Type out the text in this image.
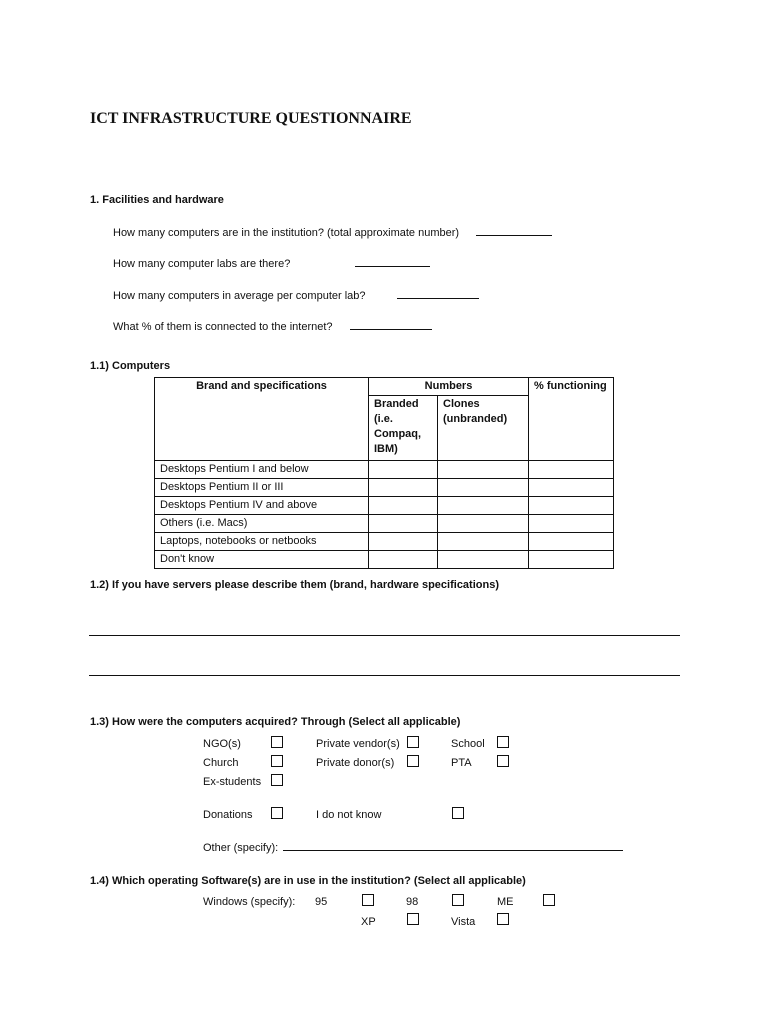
ICT INFRASTRUCTURE QUESTIONNAIRE
1. Facilities and hardware
How many computers are in the institution? (total approximate number)
How many computer labs are there?
How many computers in average per computer lab?
What % of them is connected to the internet?
1.1) Computers
Brand and specifications	Numbers		% functioning
	Branded (i.e. Compaq, IBM)	Clones (unbranded)	
Desktops Pentium I and below			
Desktops Pentium II or III			
Desktops Pentium IV and above			
Others (i.e. Macs)			
Laptops, notebooks or netbooks			
Don't know			
1.2) If you have servers please describe them (brand, hardware specifications)
1.3) How were the computers acquired? Through (Select all applicable)
NGO(s)	Private vendor(s)	School
Church	Private donor(s)	PTA
Ex-students
Donations	I do not know
Other (specify):
1.4) Which operating Software(s) are in use in the institution? (Select all applicable)
Windows (specify): 95	98	ME
XP	Vista
